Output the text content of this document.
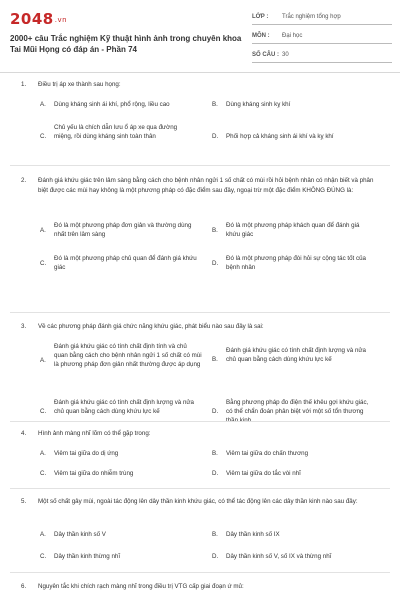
2048.vn
2000+ câu Trắc nghiệm Kỹ thuật hình ảnh trong chuyên khoa Tai Mũi Họng có đáp án - Phần 74
LỚP :	Trắc nghiệm tổng hợp
MÔN :	Đại học
SỐ CÂU : 30
1. Điều trị áp xe thành sau họng:
A. Dùng kháng sinh ái khí, phổ rộng, liều cao	B. Dùng kháng sinh kỵ khí
C.
Chủ yếu là chích dẫn lưu ổ áp xe qua đường miệng, rồi dùng kháng sinh toàn thân	D. Phối hợp cả kháng sinh ái khí và kỵ khí
2. Đánh giá khứu giác trên lâm sàng bằng cách cho bệnh nhân ngửi 1 số chất có mùi rồi hỏi bệnh nhân có nhận biết và phân biệt được các mùi hay không là một phương pháp có đặc điểm sau đây, ngoại trừ một đặc điểm KHÔNG ĐÚNG là:
A.
Đó là một phương pháp đơn giản và thường dùng nhất trên lâm sàng
B.
Đó là một phương pháp khách quan để đánh giá khứu giác
C.
Đó là một phương pháp chủ quan để đánh giá khứu giác
D.
Đó là một phương pháp đòi hỏi sự cộng tác tốt của bệnh nhân
3. Về các phương pháp đánh giá chức năng khứu giác, phát biểu nào sau đây là sai:
A.
Đánh giá khứu giác có tính chất định tính và chủ quan bằng cách cho bệnh nhân ngửi 1 số chất có mùi là phương pháp đơn giản nhất thường được áp dụng
B.
Đánh giá khứu giác có tính chất định lượng và nửa chủ quan bằng cách dùng khứu lực kế
C.
Đánh giá khứu giác có tính chất định lượng và nửa chủ quan bằng cách dùng khứu lực kế	D.
Bằng phương pháp đo điện thế khêu gợi khứu giác, có thể chẩn đoán phân biệt với một số tổn thương thần kinh
4. Hình ảnh màng nhĩ lõm có thể gặp trong:
A. Viêm tai giữa do dị ứng	B. Viêm tai giữa do chấn thương
C. Viêm tai giữa do nhiễm trùng	D. Viêm tai giữa do tắc vòi nhĩ
5. Một số chất gây mùi, ngoài tác động lên dây thần kinh khứu giác, có thể tác động lên các dây thần kinh nào sau đây:
A. Dây thần kinh số V	B. Dây thần kinh số IX
C. Dây thần kinh thừng nhĩ	D. Dây thần kinh số V, số IX và thừng nhĩ
6. Nguyên tắc khi chích rạch màng nhĩ trong điều trị VTG cấp giai đoạn ứ mủ:
